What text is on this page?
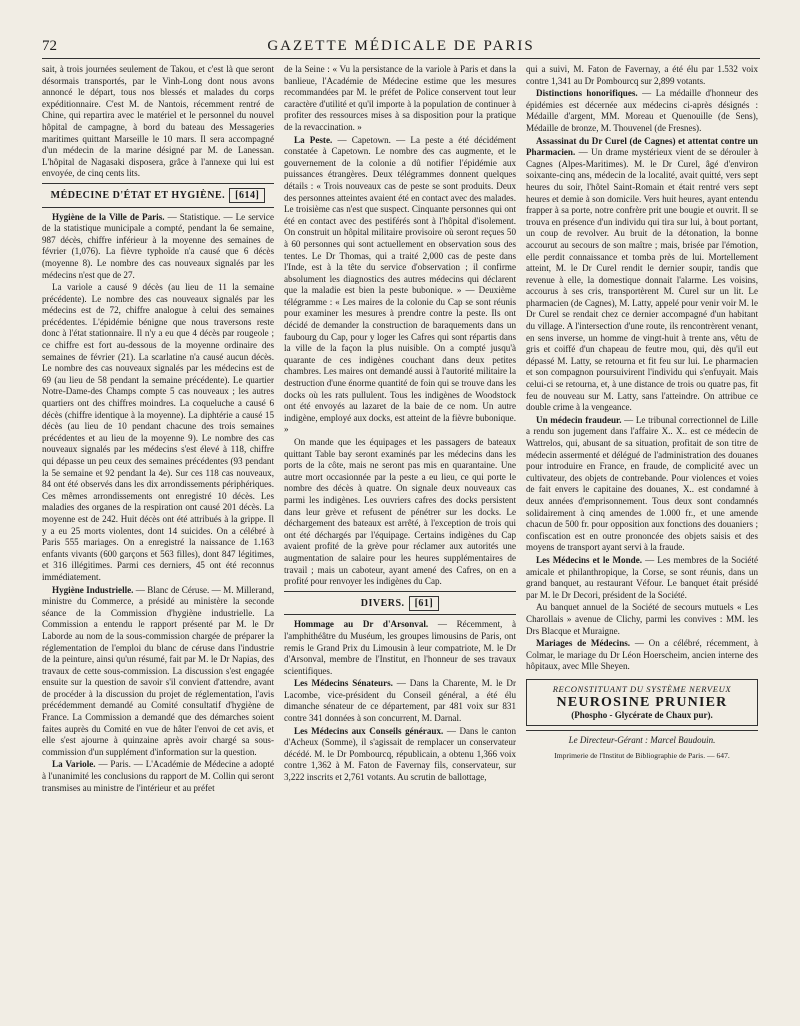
72	GAZETTE MÉDICALE DE PARIS

sait, à trois journées seulement de Takou, et c'est là que seront désormais transportés, par le Vinh-Long dont nous avons annoncé le départ, tous nos blessés et malades du corps expéditionnaire. C'est M. de Nantois, récemment rentré de Chine, qui repartira avec le matériel et le personnel du nouvel hôpital de campagne, à bord du bateau des Messageries maritimes quittant Marseille le 10 mars. Il sera accompagné d'un médecin de la marine désigné par M. de Lanessan. L'hôpital de Nagasaki disposera, grâce à l'annexe qui lui est envoyée, de cinq cents lits.

MÉDECINE D'ÉTAT ET HYGIÈNE. [614]

Hygiène de la Ville de Paris. — Statistique. — Le service de la statistique municipale a compté, pendant la 6e semaine, 987 décès, chiffre inférieur à la moyenne des semaines de février (1,076). La fièvre typhoïde n'a causé que 6 décès (moyenne 8). Le nombre des cas nouveaux signalés par les médecins n'est que de 27.

La variole a causé 9 décès (au lieu de 11 la semaine précédente). Le nombre des cas nouveaux signalés par les médecins est de 72, chiffre analogue à celui des semaines précédentes. L'épidémie bénigne que nous traversons reste donc à l'état stationnaire. Il n'y a eu que 4 décès par rougeole ; ce chiffre est fort au-dessous de la moyenne ordinaire des semaines de février (21). La scarlatine n'a causé aucun décès. Le nombre des cas nouveaux signalés par les médecins est de 69 (au lieu de 58 pendant la semaine précédente). Le quartier Notre-Dame-des Champs compte 5 cas nouveaux ; les autres quartiers ont des chiffres moindres. La coqueluche a causé 6 décès (chiffre identique à la moyenne). La diphtérie a causé 15 décès (au lieu de 10 pendant chacune des trois semaines précédentes et au lieu de la moyenne 9). Le nombre des cas nouveaux signalés par les médecins s'est élevé à 118, chiffre qui dépasse un peu ceux des semaines précédentes (93 pendant la 5e semaine et 92 pendant la 4e). Sur ces 118 cas nouveaux, 84 ont été observés dans les dix arrondissements périphériques. Ces mêmes arrondissements ont enregistré 10 décès. Les maladies des organes de la respiration ont causé 201 décès. La moyenne est de 242. Huit décès ont été attribués à la grippe. Il y a eu 25 morts violentes, dont 14 suicides. On a célébré à Paris 555 mariages. On a enregistré la naissance de 1.163 enfants vivants (600 garçons et 563 filles), dont 847 légitimes, et 316 illégitimes. Parmi ces derniers, 45 ont été reconnus immédiatement.

Hygiène Industrielle. — Blanc de Céruse. — M. Millerand, ministre du Commerce, a présidé au ministère la seconde séance de la Commission d'hygiène industrielle. La Commission a entendu le rapport présenté par M. le Dr Laborde au nom de la sous-commission chargée de préparer la réglementation de l'emploi du blanc de céruse dans l'industrie de la peinture, ainsi qu'un résumé, fait par M. le Dr Napias, des travaux de cette sous-commission. La discussion s'est engagée ensuite sur la question de savoir s'il convient d'attendre, avant de procéder à la discussion du projet de réglementation, l'avis précédemment demandé au Comité consultatif d'hygiène de France. La Commission a demandé que des démarches soient faites auprès du Comité en vue de hâter l'envoi de cet avis, et elle s'est ajourne à quinzaine après avoir chargé sa sous-commission d'un supplément d'information sur la question.

La Variole. — Paris. — L'Académie de Médecine a adopté à l'unanimité les conclusions du rapport de M. Collin qui seront transmises au ministre de l'intérieur et au préfet

de la Seine : « Vu la persistance de la variole à Paris et dans la banlieue, l'Académie de Médecine estime que les mesures recommandées par M. le préfet de Police conservent tout leur caractère d'utilité et qu'il importe à la population de continuer à profiter des ressources mises à sa disposition pour la pratique de la revaccination. »

La Peste. — Capetown. — La peste a été décidément constatée à Capetown. Le nombre des cas augmente, et le gouvernement de la colonie a dû notifier l'épidémie aux puissances étrangères. Deux télégrammes donnent quelques détails : « Trois nouveaux cas de peste se sont produits. Deux des personnes atteintes avaient été en contact avec des malades. Le troisième cas n'est que suspect. Cinquante personnes qui ont été en contact avec des pestiférés sont à l'hôpital d'isolement. On construit un hôpital militaire provisoire où seront reçues 50 à 60 personnes qui sont actuellement en observation sous des tentes. Le Dr Thomas, qui a traité 2,000 cas de peste dans l'Inde, est à la tête du service d'observation ; il confirme absolument les diagnostics des autres médecins qui déclarent que la maladie est bien la peste bubonique. » — Deuxième télégramme : « Les maires de la colonie du Cap se sont réunis pour examiner les mesures à prendre contre la peste. Ils ont décidé de demander la construction de baraquements dans un faubourg du Cap, pour y loger les Cafres qui sont répartis dans la ville de la façon la plus nuisible. On a compté jusqu'à quarante de ces indigènes couchant dans deux petites chambres. Les maires ont demandé aussi à l'autorité militaire la destruction d'une énorme quantité de foin qui se trouve dans les docks où les rats pullulent. Tous les indigènes de Woodstock ont été envoyés au lazaret de la baie de ce nom. Un autre indigène, employé aux docks, est atteint de la fièvre bubonique. »

On mande que les équipages et les passagers de bateaux quittant Table bay seront examinés par les médecins dans les ports de la côte, mais ne seront pas mis en quarantaine. Une autre mort occasionnée par la peste a eu lieu, ce qui porte le nombre des décès à quatre. On signale deux nouveaux cas parmi les indigènes. Les ouvriers cafres des docks persistent dans leur grève et refusent de pénétrer sur les docks. Le déchargement des bateaux est arrêté, à l'exception de trois qui ont été déchargés par l'équipage. Certains indigènes du Cap avaient profité de la grève pour réclamer aux autorités une augmentation de salaire pour les heures supplémentaires de travail ; mais un caboteur, ayant amené des Cafres, on en a profité pour renvoyer les indigènes du Cap.

DIVERS. [61]

Hommage au Dr d'Arsonval. — Récemment, à l'amphithéâtre du Muséum, les groupes limousins de Paris, ont remis le Grand Prix du Limousin à leur compatriote, M. le Dr d'Arsonval, membre de l'Institut, en l'honneur de ses travaux scientifiques.

Les Médecins Sénateurs. — Dans la Charente, M. le Dr Lacombe, vice-président du Conseil général, a été élu dimanche sénateur de ce département, par 481 voix sur 831 contre 341 données à son concurrent, M. Darnal.

Les Médecins aux Conseils généraux. — Dans le canton d'Acheux (Somme), il s'agissait de remplacer un conservateur décédé. M. le Dr Pombourcq, républicain, a obtenu 1,366 voix contre 1,362 à M. Faton de Favernay fils, conservateur, sur 3,222 inscrits et 2,761 votants. Au scrutin de ballottage,

qui a suivi, M. Faton de Favernay, a été élu par 1.532 voix contre 1,341 au Dr Pombourcq sur 2,899 votants.

Distinctions honorifiques. — La médaille d'honneur des épidémies est décernée aux médecins ci-après désignés : Médaille d'argent, MM. Moreau et Quenouille (de Sens), Médaille de bronze, M. Thouvenel (de Fresnes).

Assassinat du Dr Curel (de Cagnes) et attentat contre un Pharmacien. — Un drame mystérieux vient de se dérouler à Cagnes (Alpes-Maritimes). M. le Dr Curel, âgé d'environ soixante-cinq ans, médecin de la localité, avait quitté, vers sept heures du soir, l'hôtel Saint-Romain et était rentré vers sept heures et demie à son domicile. Vers huit heures, ayant entendu frapper à sa porte, notre confrère prit une bougie et ouvrit. Il se trouva en présence d'un individu qui tira sur lui, à bout portant, un coup de revolver. Au bruit de la détonation, la bonne accourut au secours de son maître ; mais, brisée par l'émotion, elle perdit connaissance et tomba près de lui. Mortellement atteint, M. le Dr Curel rendit le dernier soupir, tandis que revenue à elle, la domestique donnait l'alarme. Les voisins, accourus à ses cris, transportèrent M. Curel sur un lit. Le pharmacien (de Cagnes), M. Latty, appelé pour venir voir M. le Dr Curel se rendait chez ce dernier accompagné d'un habitant du village. A l'intersection d'une route, ils rencontrèrent venant, en sens inverse, un homme de vingt-huit à trente ans, vêtu de gris et coiffé d'un chapeau de feutre mou, qui, dès qu'il eut dépassé M. Latty, se retourna et fit feu sur lui. Le pharmacien et son compagnon poursuivirent l'individu qui s'enfuyait. Mais celui-ci se retourna, et, à une distance de trois ou quatre pas, fit feu de nouveau sur M. Latty, sans l'atteindre. On attribue ce double crime à la vengeance.

Un médecin fraudeur. — Le tribunal correctionnel de Lille a rendu son jugement dans l'affaire X.. X.. est ce médecin de Wattrelos, qui, abusant de sa situation, profitait de son titre de médecin assermenté et délégué de l'administration des douanes pour introduire en France, en fraude, de complicité avec un cultivateur, des objets de contrebande. Pour violences et voies de fait envers le capitaine des douanes, X.. est condamné à deux années d'emprisonnement. Tous deux sont condamnés solidairement à cinq amendes de 1.000 fr., et une amende chacun de 500 fr. pour opposition aux fonctions des douaniers ; confiscation est en outre prononcée des objets saisis et des moyens de transport ayant servi à la fraude.

Les Médecins et le Monde. — Les membres de la Société amicale et philanthropique, la Corse, se sont réunis, dans un grand banquet, au restaurant Véfour. Le banquet était présidé par M. le Dr Decori, président de la Société.

Au banquet annuel de la Société de secours mutuels « Les Charollais » avenue de Clichy, parmi les convives : MM. les Drs Blacque et Muraigne.

Mariages de Médecins. — On a célébré, récemment, à Colmar, le mariage du Dr Léon Hoerscheim, ancien interne des hôpitaux, avec Mlle Sheyen.

RECONSTITUANT DU SYSTÈME NERVEUX
NEUROSINE PRUNIER
(Phospho - Glycérate de Chaux pur).
Le Directeur-Gérant : Marcel Baudouin.
Imprimerie de l'Institut de Bibliographie de Paris. — 647.
